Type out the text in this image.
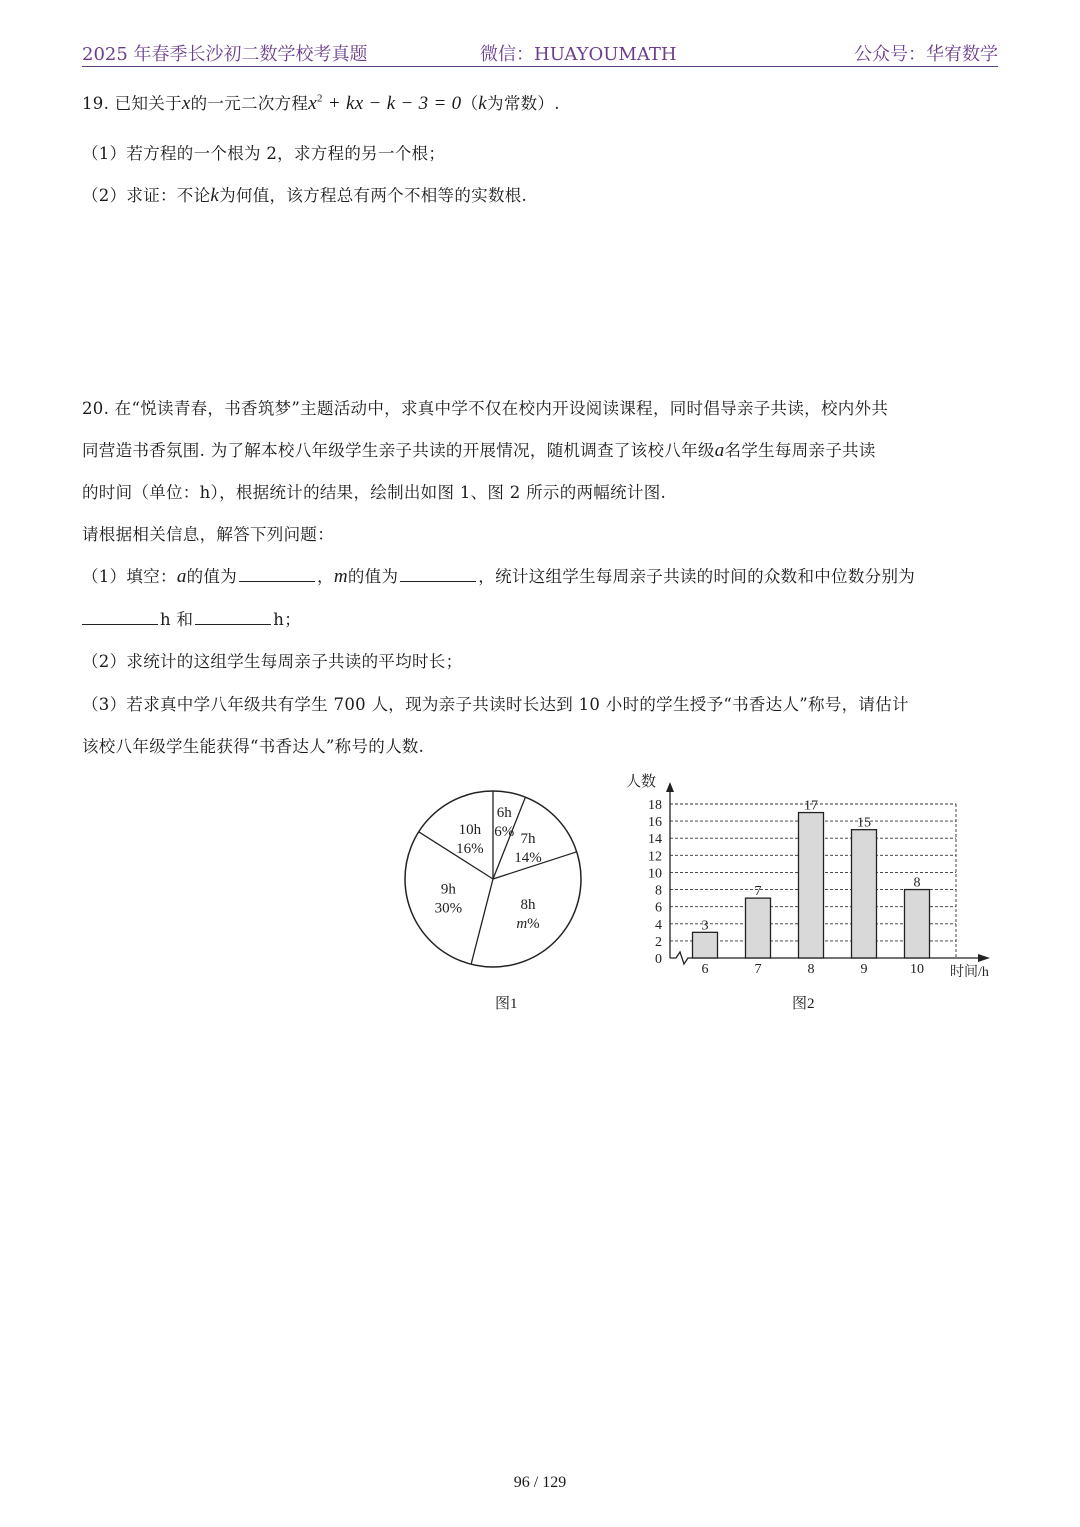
2025 年春季长沙初二数学校考真题	微信：HUAYOUMATH	公众号：华宥数学
19. 已知关于x的一元二次方程$x^2$ + kx − k − 3 = 0（k为常数）.
（1）若方程的一个根为 2，求方程的另一个根；
（2）求证：不论k为何值，该方程总有两个不相等的实数根.
20. 在“悦读青春，书香筑梦”主题活动中，求真中学不仅在校内开设阅读课程，同时倡导亲子共读，校内外共
同营造书香氛围. 为了解本校八年级学生亲子共读的开展情况，随机调查了该校八年级a名学生每周亲子共读
的时间（单位：h），根据统计的结果，绘制出如图 1、图 2 所示的两幅统计图.
请根据相关信息，解答下列问题：
（1）填空：a的值为	，m的值为	，统计这组学生每周亲子共读的时间的众数和中位数分别为
h 和	h；
（2）求统计的这组学生每周亲子共读的平均时长；
（3）若求真中学八年级共有学生 700 人，现为亲子共读时长达到 10 小时的学生授予“书香达人”称号，请估计
该校八年级学生能获得“书香达人”称号的人数.
6h
6% 7h
14%
8h
m%
9h
30%
10h
16%
图1
人数
0
2
4
6
8
10
12
14
16
18
3
6
7
7
17
8
15
9
8
10 时间/h
图2
96 / 129
